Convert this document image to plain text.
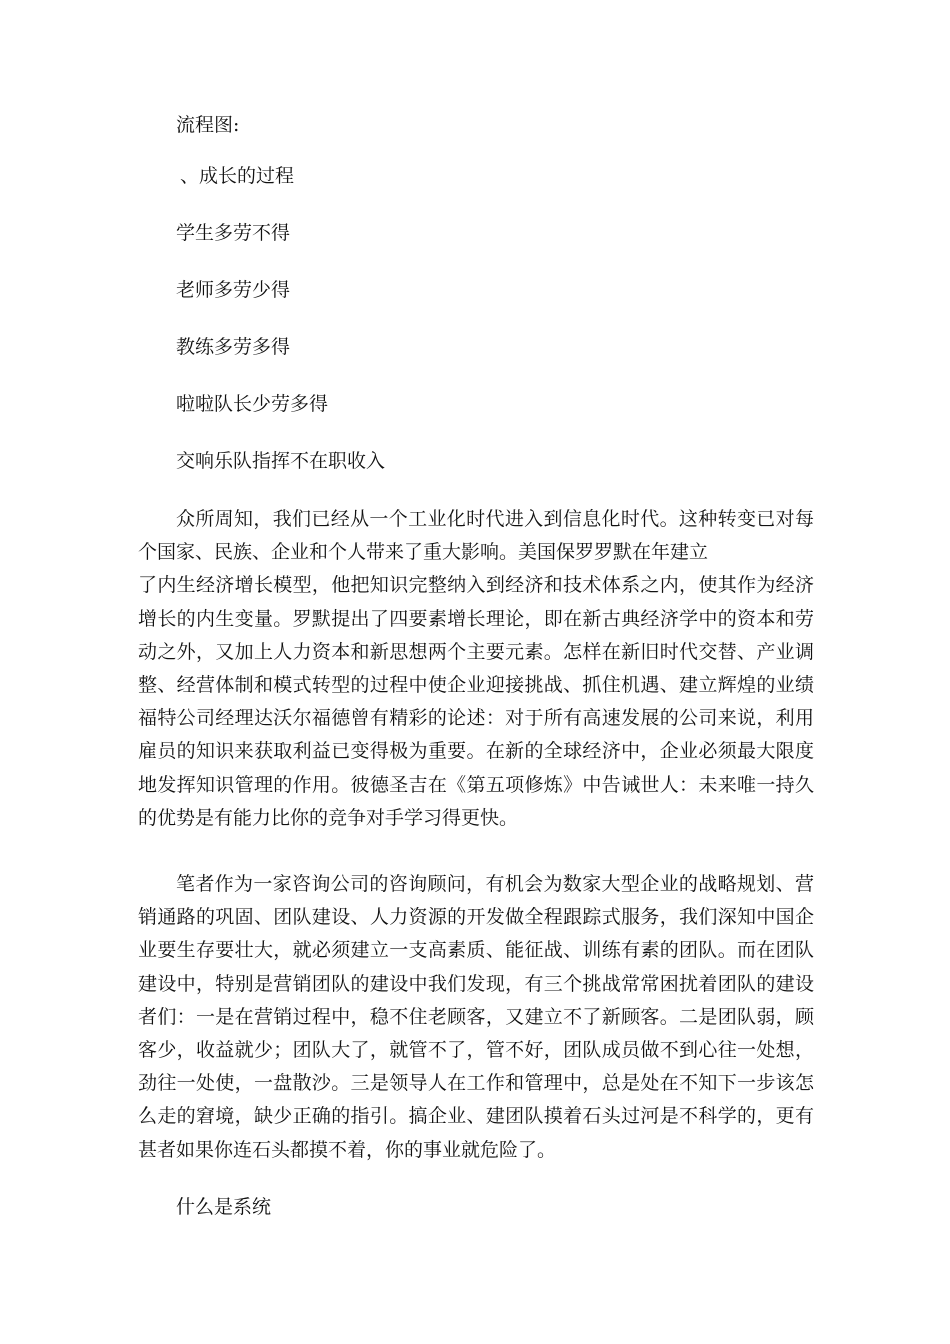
流程图:

、成长的过程

学生多劳不得

老师多劳少得

教练多劳多得

啦啦队长少劳多得

交响乐队指挥不在职收入

众所周知，我们已经从一个工业化时代进入到信息化时代。这种转变已对每
个国家、民族、企业和个人带来了重大影响。美国保罗罗默在年建立
了内生经济增长模型，他把知识完整纳入到经济和技术体系之内，使其作为经济
增长的内生变量。罗默提出了四要素增长理论，即在新古典经济学中的资本和劳
动之外，又加上人力资本和新思想两个主要元素。怎样在新旧时代交替、产业调
整、经营体制和模式转型的过程中使企业迎接挑战、抓住机遇、建立辉煌的业绩
福特公司经理达沃尔福德曾有精彩的论述：对于所有高速发展的公司来说，利用
雇员的知识来获取利益已变得极为重要。在新的全球经济中，企业必须最大限度
地发挥知识管理的作用。彼德圣吉在《第五项修炼》中告诫世人：未来唯一持久
的优势是有能力比你的竞争对手学习得更快。
笔者作为一家咨询公司的咨询顾问，有机会为数家大型企业的战略规划、营
销通路的巩固、团队建设、人力资源的开发做全程跟踪式服务，我们深知中国企
业要生存要壮大，就必须建立一支高素质、能征战、训练有素的团队。而在团队
建设中，特别是营销团队的建设中我们发现，有三个挑战常常困扰着团队的建设
者们：一是在营销过程中，稳不住老顾客，又建立不了新顾客。二是团队弱，顾
客少，收益就少；团队大了，就管不了，管不好，团队成员做不到心往一处想，
劲往一处使，一盘散沙。三是领导人在工作和管理中，总是处在不知下一步该怎
么走的窘境，缺少正确的指引。搞企业、建团队摸着石头过河是不科学的，更有
甚者如果你连石头都摸不着，你的事业就危险了。

什么是系统
